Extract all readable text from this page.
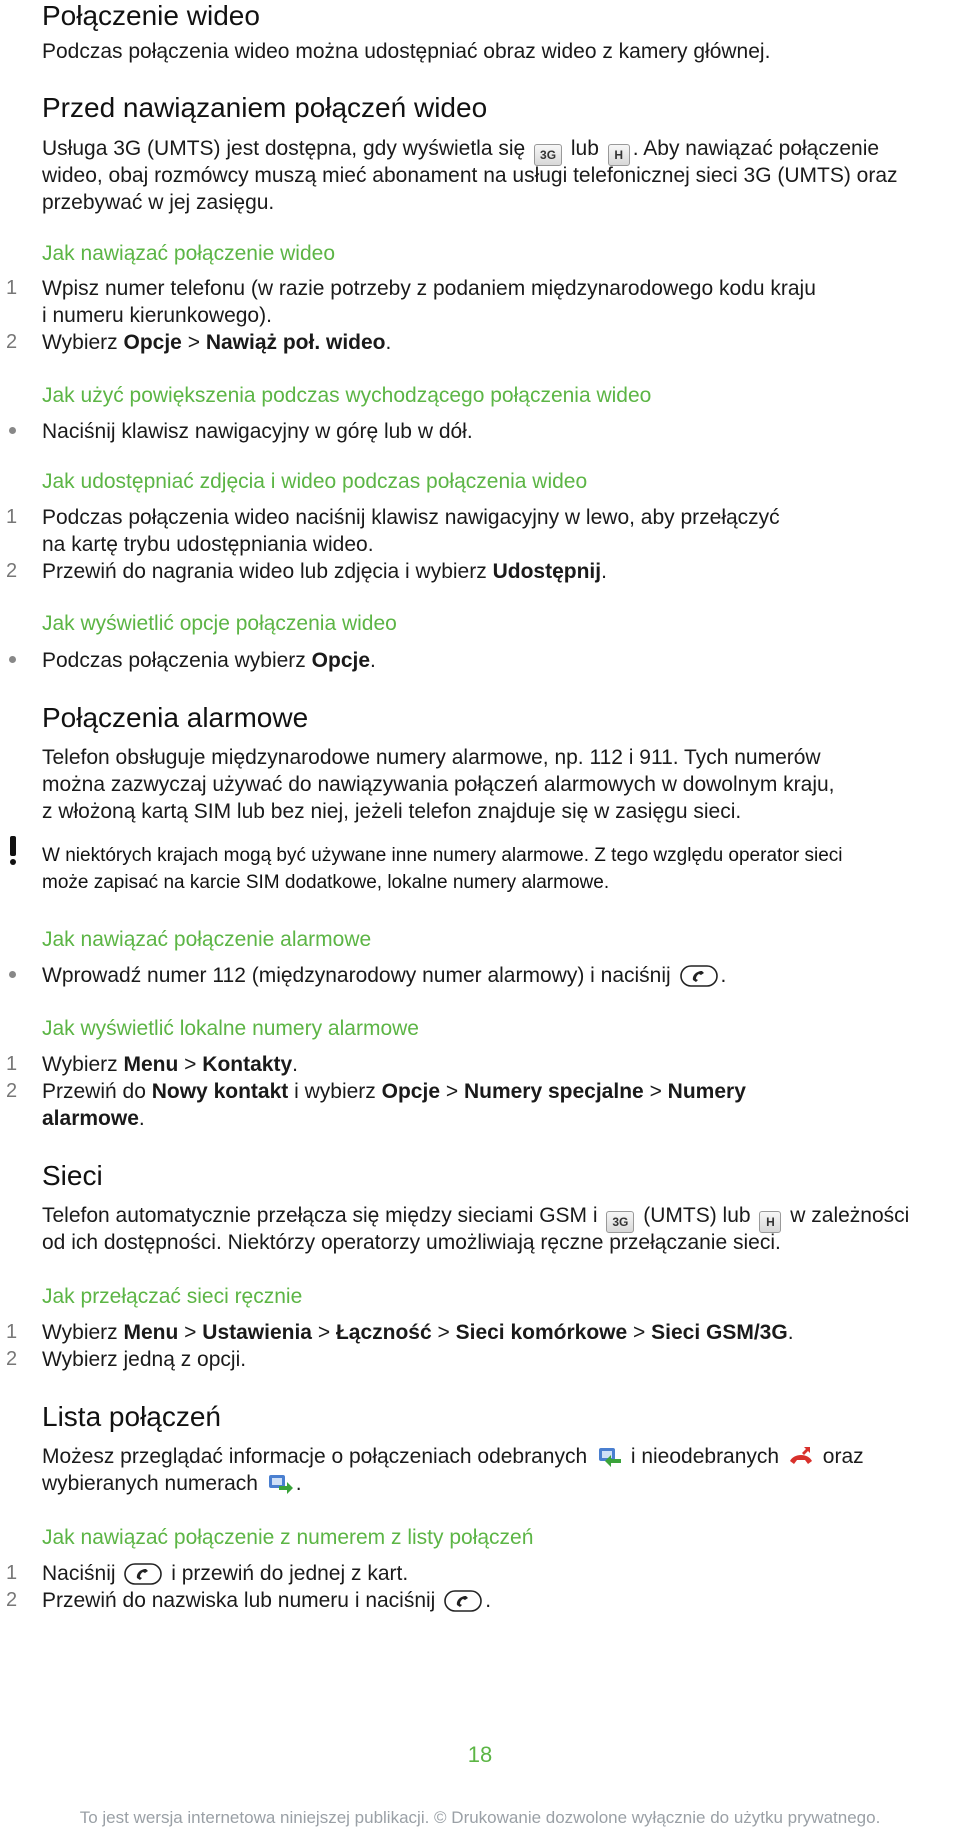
Połączenie wideo
Podczas połączenia wideo można udostępniać obraz wideo z kamery głównej.
Przed nawiązaniem połączeń wideo
Usługa 3G (UMTS) jest dostępna, gdy wyświetla się 3G lub H . Aby nawiązać połączenie
wideo, obaj rozmówcy muszą mieć abonament na usługi telefonicznej sieci 3G (UMTS) oraz
przebywać w jej zasięgu.
Jak nawiązać połączenie wideo
1 Wpisz numer telefonu (w razie potrzeby z podaniem międzynarodowego kodu kraju
i numeru kierunkowego).
2 Wybierz Opcje > Nawiąż poł. wideo.
Jak użyć powiększenia podczas wychodzącego połączenia wideo
Naciśnij klawisz nawigacyjny w górę lub w dół.
Jak udostępniać zdjęcia i wideo podczas połączenia wideo
1 Podczas połączenia wideo naciśnij klawisz nawigacyjny w lewo, aby przełączyć
na kartę trybu udostępniania wideo.
2 Przewiń do nagrania wideo lub zdjęcia i wybierz Udostępnij.
Jak wyświetlić opcje połączenia wideo
Podczas połączenia wybierz Opcje.
Połączenia alarmowe
Telefon obsługuje międzynarodowe numery alarmowe, np. 112 i 911. Tych numerów
można zazwyczaj używać do nawiązywania połączeń alarmowych w dowolnym kraju,
z włożoną kartą SIM lub bez niej, jeżeli telefon znajduje się w zasięgu sieci.
W niektórych krajach mogą być używane inne numery alarmowe. Z tego względu operator sieci
może zapisać na karcie SIM dodatkowe, lokalne numery alarmowe.
Jak nawiązać połączenie alarmowe
Wprowadź numer 112 (międzynarodowy numer alarmowy) i naciśnij .
Jak wyświetlić lokalne numery alarmowe
1 Wybierz Menu > Kontakty.
2 Przewiń do Nowy kontakt i wybierz Opcje > Numery specjalne > Numery
alarmowe.
Sieci
Telefon automatycznie przełącza się między sieciami GSM i 3G (UMTS) lub H w zależności
od ich dostępności. Niektórzy operatorzy umożliwiają ręczne przełączanie sieci.
Jak przełączać sieci ręcznie
1 Wybierz Menu > Ustawienia > Łączność > Sieci komórkowe > Sieci GSM/3G.
2 Wybierz jedną z opcji.
Lista połączeń
Możesz przeglądać informacje o połączeniach odebranych i nieodebranych oraz
wybieranych numerach .
Jak nawiązać połączenie z numerem z listy połączeń
1 Naciśnij	i przewiń do jednej z kart.
2 Przewiń do nazwiska lub numeru i naciśnij .
18
To jest wersja internetowa niniejszej publikacji. © Drukowanie dozwolone wyłącznie do użytku prywatnego.
